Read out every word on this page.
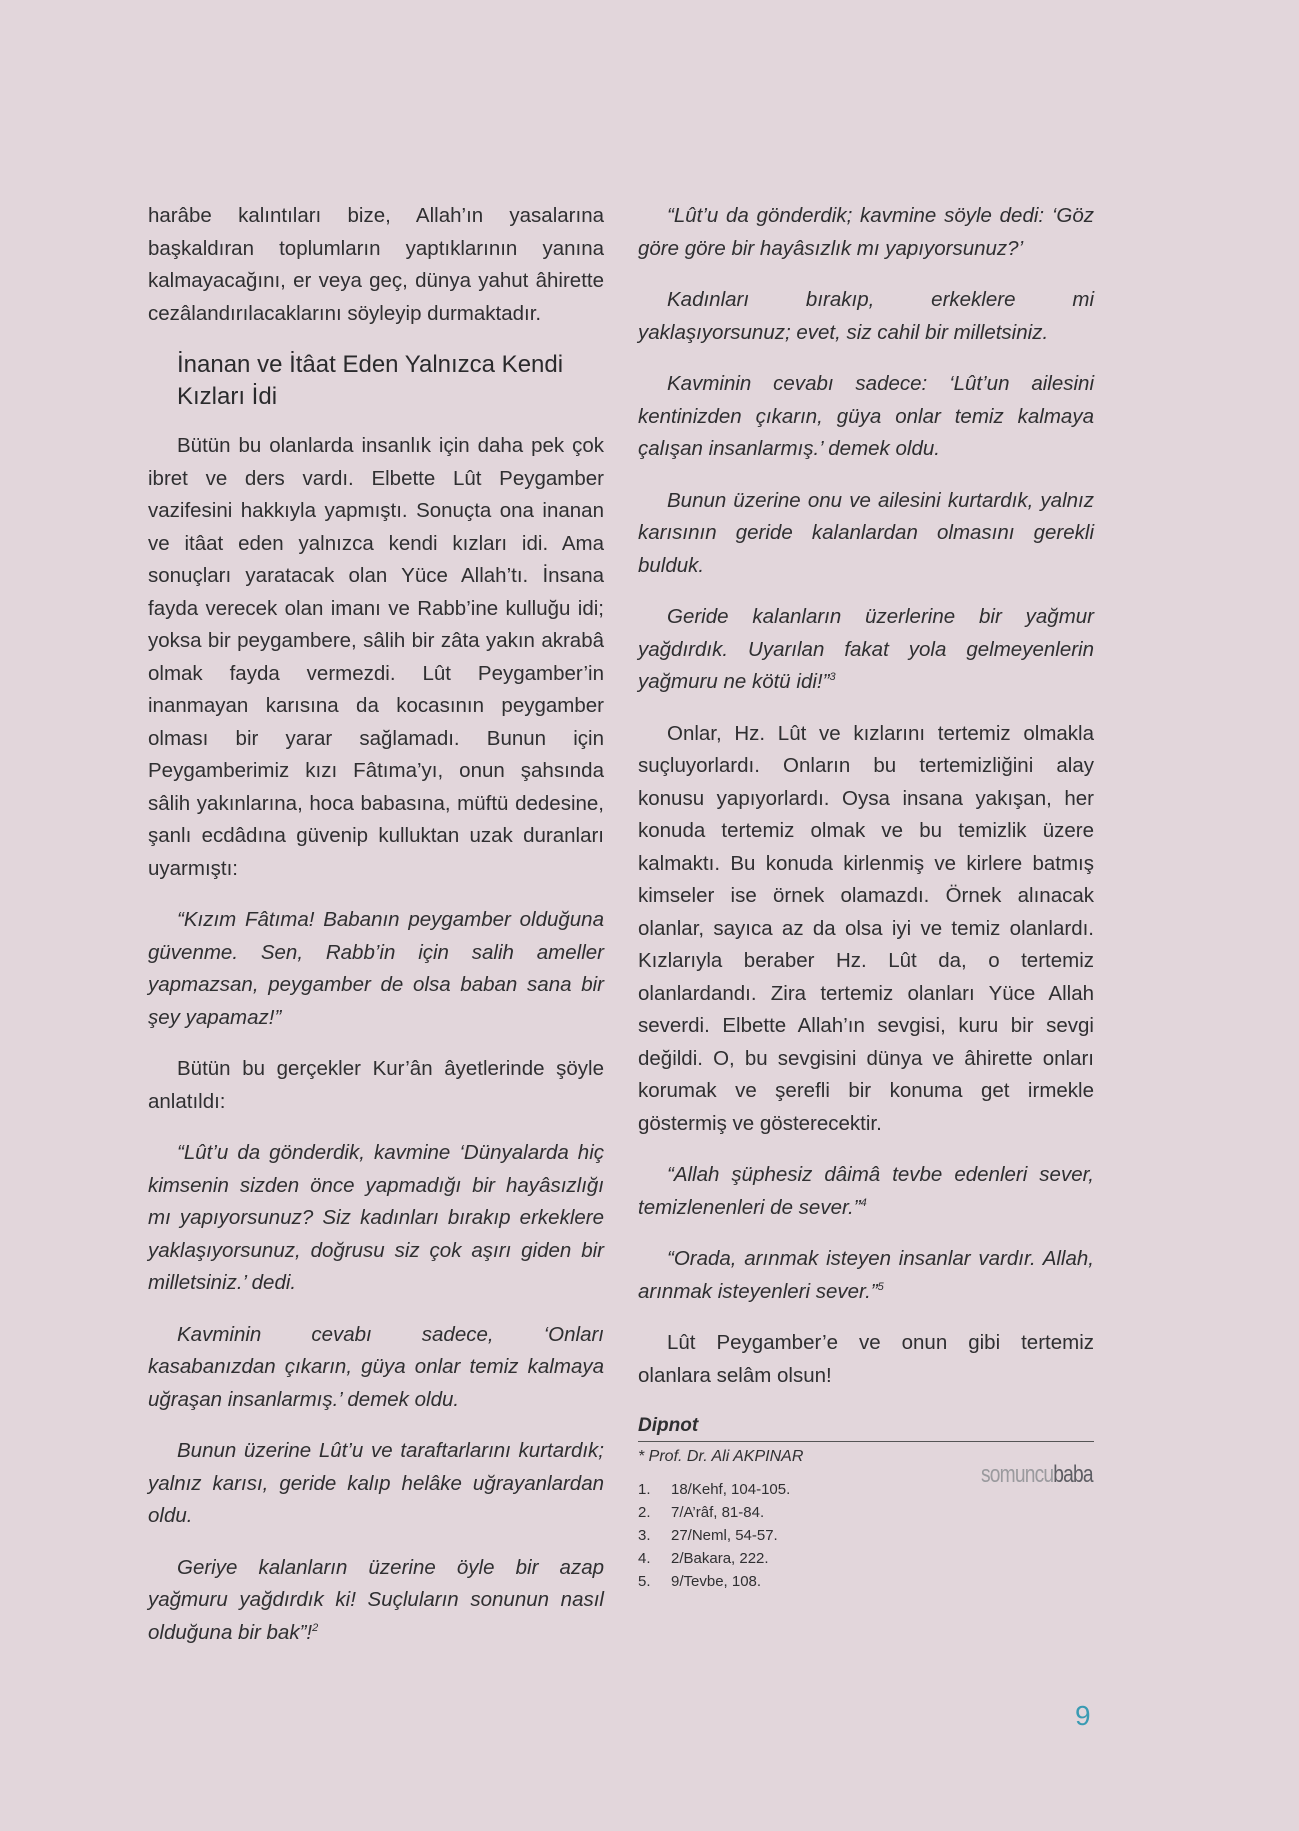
harâbe kalıntıları bize, Allah’ın yasalarına başkaldıran toplumların yaptıklarının yanına kalmayacağını, er veya geç, dünya yahut âhirette cezâlandırılacaklarını söyleyip durmaktadır.

İnanan ve İtâat Eden Yalnızca Kendi Kızları İdi

Bütün bu olanlarda insanlık için daha pek çok ibret ve ders vardı. Elbette Lût Peygamber vazifesini hakkıyla yapmıştı. Sonuçta ona inanan ve itâat eden yalnızca kendi kızları idi. Ama sonuçları yaratacak olan Yüce Allah’tı. İnsana fayda verecek olan imanı ve Rabb’ine kulluğu idi; yoksa bir peygambere, sâlih bir zâta yakın akrabâ olmak fayda vermezdi. Lût Peygamber’in inanmayan karısına da kocasının peygamber olması bir yarar sağlamadı. Bunun için Peygamberimiz kızı Fâtıma’yı, onun şahsında sâlih yakınlarına, hoca babasına, müftü dedesine, şanlı ecdâdına güvenip kulluktan uzak duranları uyarmıştı:

“Kızım Fâtıma! Babanın peygamber olduğuna güvenme. Sen, Rabb’in için salih ameller yapmazsan, peygamber de olsa baban sana bir şey yapamaz!”

Bütün bu gerçekler Kur’ân âyetlerinde şöyle anlatıldı:

“Lût’u da gönderdik, kavmine ‘Dünyalarda hiç kimsenin sizden önce yapmadığı bir hayâsızlığı mı yapıyorsunuz? Siz kadınları bırakıp erkeklere yaklaşıyorsunuz, doğrusu siz çok aşırı giden bir milletsiniz.’ dedi.

Kavminin cevabı sadece, ‘Onları kasabanızdan çıkarın, güya onlar temiz kalmaya uğraşan insanlarmış.’ demek oldu.

Bunun üzerine Lût’u ve taraftarlarını kurtardık; yalnız karısı, geride kalıp helâke uğrayanlardan oldu.

Geriye kalanların üzerine öyle bir azap yağmuru yağdırdık ki! Suçluların sonunun nasıl olduğuna bir bak”!$^2$

“Lût’u da gönderdik; kavmine söyle dedi: ‘Göz göre göre bir hayâsızlık mı yapıyorsunuz?’

Kadınları bırakıp, erkeklere mi yaklaşıyorsunuz; evet, siz cahil bir milletsiniz.

Kavminin cevabı sadece: ‘Lût’un ailesini kentinizden çıkarın, güya onlar temiz kalmaya çalışan insanlarmış.’ demek oldu.

Bunun üzerine onu ve ailesini kurtardık, yalnız karısının geride kalanlardan olmasını gerekli bulduk.

Geride kalanların üzerlerine bir yağmur yağdırdık. Uyarılan fakat yola gelmeyenlerin yağmuru ne kötü idi!”$^3$

Onlar, Hz. Lût ve kızlarını tertemiz olmakla suçluyorlardı. Onların bu tertemizliğini alay konusu yapıyorlardı. Oysa insana yakışan, her konuda tertemiz olmak ve bu temizlik üzere kalmaktı. Bu konuda kirlenmiş ve kirlere batmış kimseler ise örnek olamazdı. Örnek alınacak olanlar, sayıca az da olsa iyi ve temiz olanlardı. Kızlarıyla beraber Hz. Lût da, o tertemiz olanlardandı. Zira tertemiz olanları Yüce Allah severdi. Elbette Allah’ın sevgisi, kuru bir sevgi değildi. O, bu sevgisini dünya ve âhirette onları korumak ve şerefli bir konuma get irmekle göstermiş ve gösterecektir.

“Allah şüphesiz dâimâ tevbe edenleri sever, temizlenenleri de sever.”$^4$

“Orada, arınmak isteyen insanlar vardır. Allah, arınmak isteyenleri sever.”$^5$

Lût Peygamber’e ve onun gibi tertemiz olanlara selâm olsun!

Dipnot
* Prof. Dr. Ali AKPINAR
1.	18/Kehf, 104-105.
2.	7/A’râf, 81-84.
3.	27/Neml, 54-57.
4.	2/Bakara, 222.
5.	9/Tevbe, 108.
somuncubaba
9
